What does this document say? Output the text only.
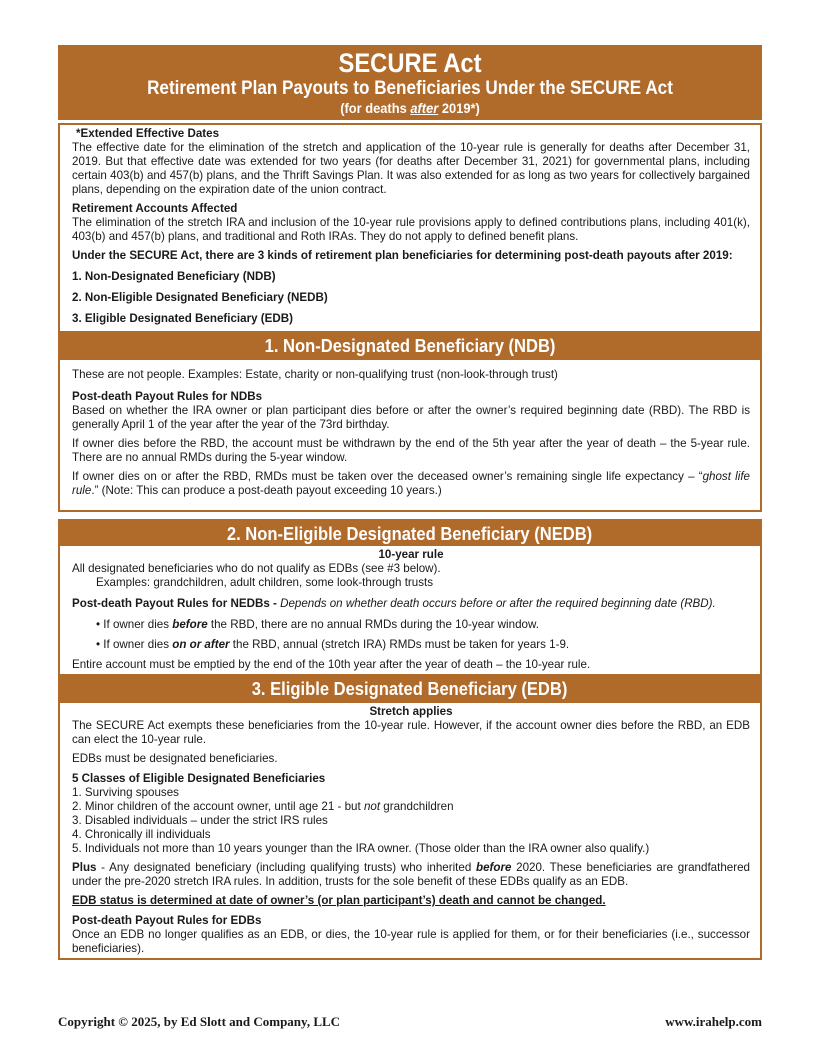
SECURE Act
Retirement Plan Payouts to Beneficiaries Under the SECURE Act
(for deaths after 2019*)

*Extended Effective Dates

The effective date for the elimination of the stretch and application of the 10-year rule is generally for deaths after December 31, 2019. But that effective date was extended for two years (for deaths after December 31, 2021) for governmental plans, including certain 403(b) and 457(b) plans, and the Thrift Savings Plan. It was also extended for as long as two years for collectively bargained plans, depending on the expiration date of the union contract.

Retirement Accounts Affected

The elimination of the stretch IRA and inclusion of the 10-year rule provisions apply to defined contributions plans, including 401(k), 403(b) and 457(b) plans, and traditional and Roth IRAs. They do not apply to defined benefit plans.

Under the SECURE Act, there are 3 kinds of retirement plan beneficiaries for determining post-death payouts after 2019:

1. Non-Designated Beneficiary (NDB)

2. Non-Eligible Designated Beneficiary (NEDB)

3. Eligible Designated Beneficiary (EDB)

1. Non-Designated Beneficiary (NDB)

These are not people. Examples: Estate, charity or non-qualifying trust (non-look-through trust)

Post-death Payout Rules for NDBs

Based on whether the IRA owner or plan participant dies before or after the owner’s required beginning date (RBD). The RBD is generally April 1 of the year after the year of the 73rd birthday.

If owner dies before the RBD, the account must be withdrawn by the end of the 5th year after the year of death – the 5-year rule. There are no annual RMDs during the 5-year window.

If owner dies on or after the RBD, RMDs must be taken over the deceased owner’s remaining single life expectancy – “ghost life rule.” (Note: This can produce a post-death payout exceeding 10 years.)

2. Non-Eligible Designated Beneficiary (NEDB)

10-year rule

All designated beneficiaries who do not qualify as EDBs (see #3 below).

Examples: grandchildren, adult children, some look-through trusts

Post-death Payout Rules for NEDBs - Depends on whether death occurs before or after the required beginning date (RBD).

• If owner dies before the RBD, there are no annual RMDs during the 10-year window.

• If owner dies on or after the RBD, annual (stretch IRA) RMDs must be taken for years 1-9.

Entire account must be emptied by the end of the 10th year after the year of death – the 10-year rule.

3. Eligible Designated Beneficiary (EDB)

Stretch applies

The SECURE Act exempts these beneficiaries from the 10-year rule. However, if the account owner dies before the RBD, an EDB can elect the 10-year rule.

EDBs must be designated beneficiaries.

5 Classes of Eligible Designated Beneficiaries

1. Surviving spouses

2. Minor children of the account owner, until age 21 - but not grandchildren

3. Disabled individuals – under the strict IRS rules

4. Chronically ill individuals

5. Individuals not more than 10 years younger than the IRA owner. (Those older than the IRA owner also qualify.)

Plus - Any designated beneficiary (including qualifying trusts) who inherited before 2020. These beneficiaries are grandfathered under the pre-2020 stretch IRA rules. In addition, trusts for the sole benefit of these EDBs qualify as an EDB.

EDB status is determined at date of owner’s (or plan participant’s) death and cannot be changed.

Post-death Payout Rules for EDBs

Once an EDB no longer qualifies as an EDB, or dies, the 10-year rule is applied for them, or for their beneficiaries (i.e., successor beneficiaries).

Copyright © 2025, by Ed Slott and Company, LLC	www.irahelp.com
